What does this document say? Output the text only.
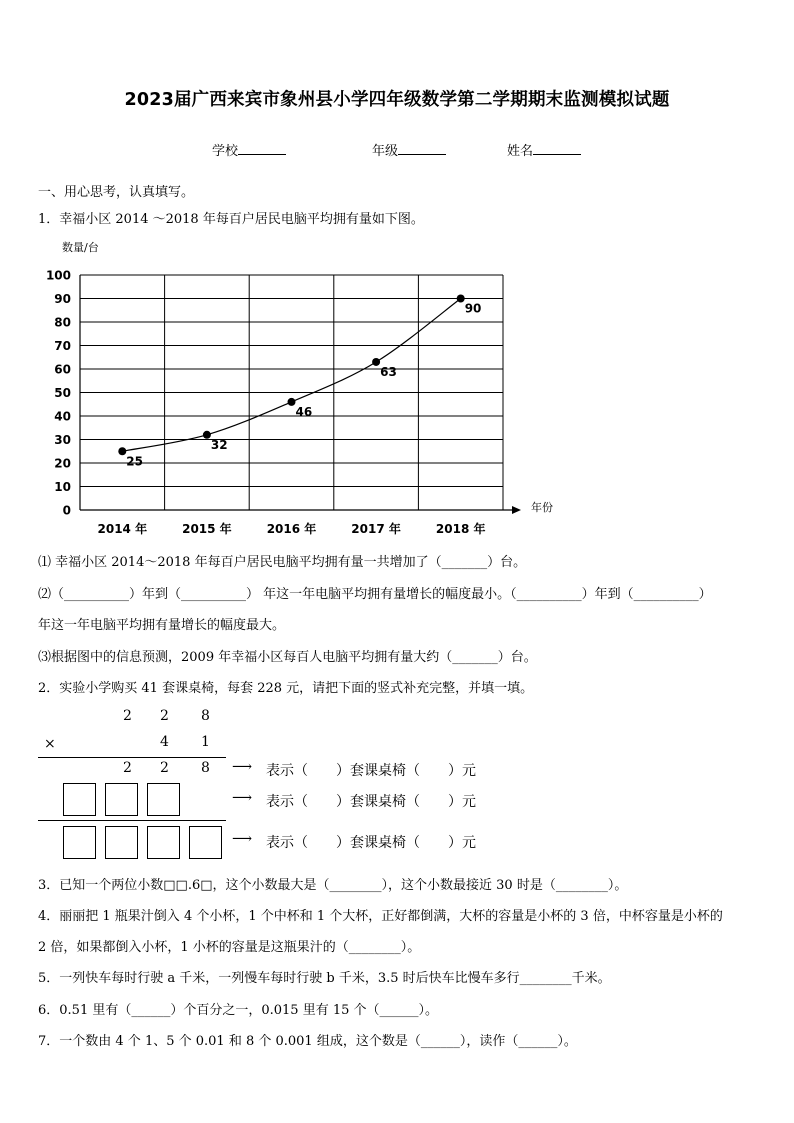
2023届广西来宾市象州县小学四年级数学第二学期期末监测模拟试题
学校	年级	姓名
一、用心思考，认真填写。
1．幸福小区 2014 ～2018 年每百户居民电脑平均拥有量如下图。
0
10
20
30
40
50
60
70
80
90
100
数量/台
年份
2014 年	2015 年	2016 年	2017 年	2018 年
25
32
46
63
90
⑴ 幸福小区 2014～2018 年每百户居民电脑平均拥有量一共增加了（_______）台。
⑵（__________）年到（__________） 年这一年电脑平均拥有量增长的幅度最小。（__________）年到（__________）
年这一年电脑平均拥有量增长的幅度最大。
⑶根据图中的信息预测，2009 年幸福小区每百人电脑平均拥有量大约（_______）台。
2．实验小学购买 41 套课桌椅，每套 228 元，请把下面的竖式补充完整，并填一填。
2 2 8
×	4 1
2 2 8 ⟶ 表示（　　）套课桌椅（　　）元
⟶ 表示（　　）套课桌椅（　　）元
⟶ 表示（　　）套课桌椅（　　）元
3．已知一个两位小数□□.6□，这个小数最大是（________），这个小数最接近 30 时是（________）。
4．丽丽把 1 瓶果汁倒入 4 个小杯，1 个中杯和 1 个大杯，正好都倒满，大杯的容量是小杯的 3 倍，中杯容量是小杯的
2 倍，如果都倒入小杯，1 小杯的容量是这瓶果汁的（________）。
5．一列快车每时行驶 a 千米，一列慢车每时行驶 b 千米，3.5 时后快车比慢车多行________千米。
6．0.51 里有（______）个百分之一，0.015 里有 15 个（______）。
7．一个数由 4 个 1、5 个 0.01 和 8 个 0.001 组成，这个数是（______），读作（______）。
